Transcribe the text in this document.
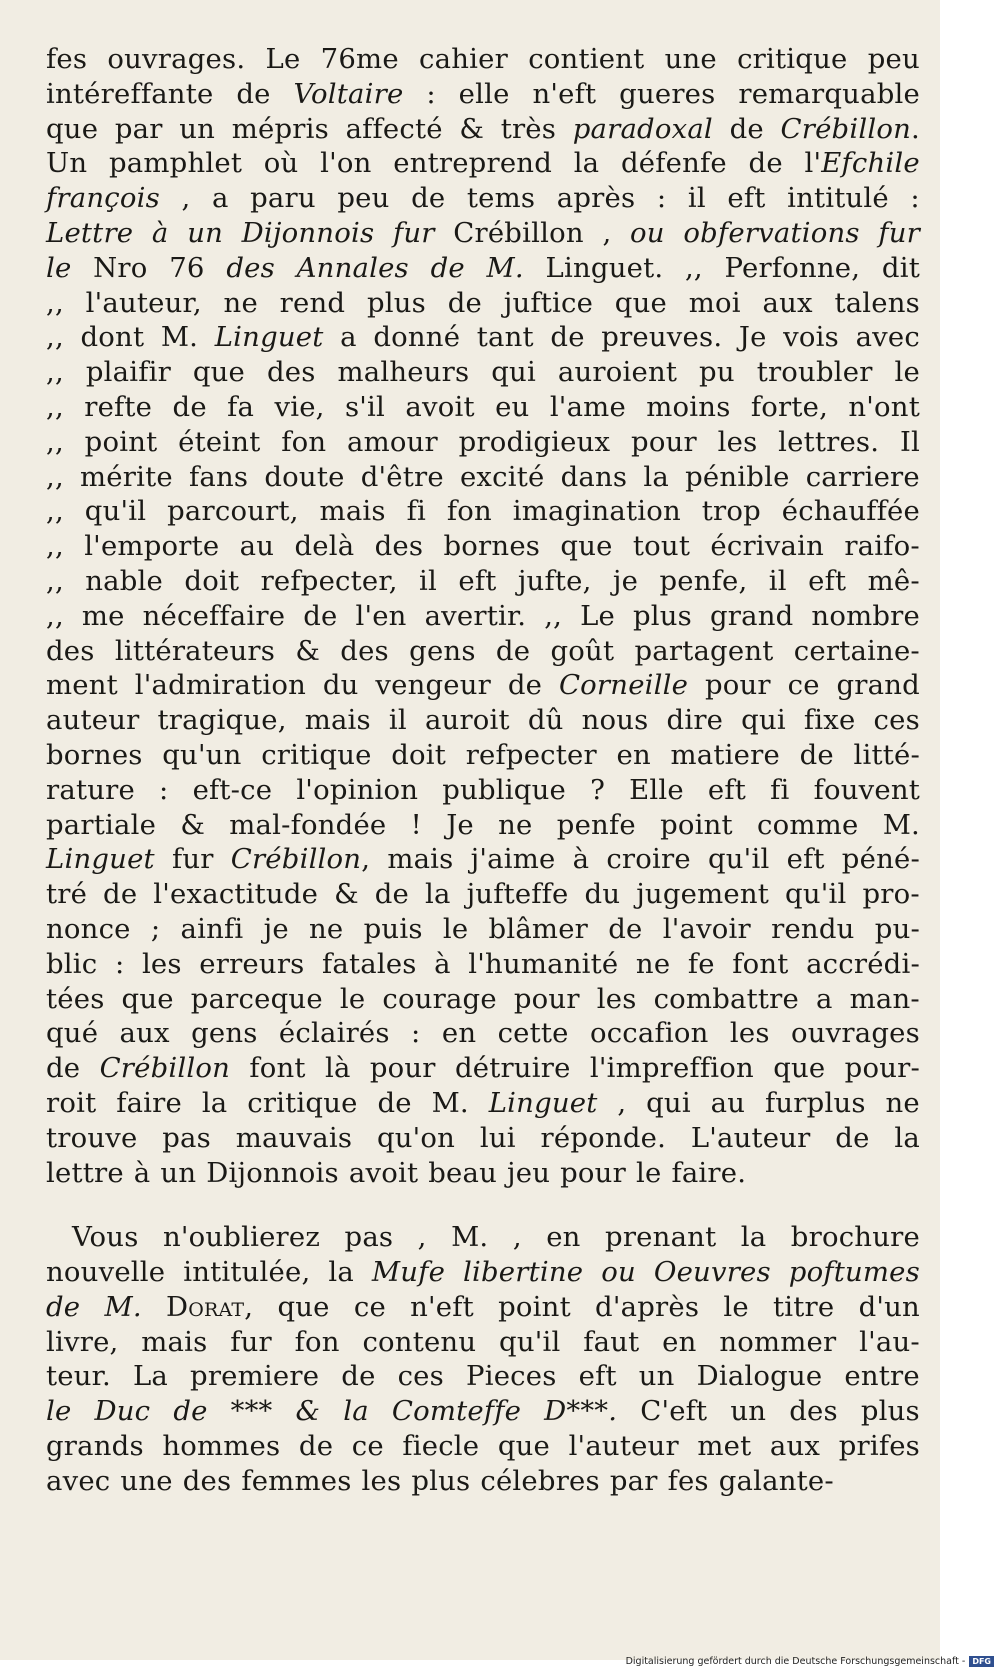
fes ouvrages. Le 76me cahier contient une critique peu
intéreffante de Voltaire : elle n'eft gueres remarquable
que par un mépris affecté & très paradoxal de Crébillon.
Un pamphlet où l'on entreprend la défenfe de l'Efchile
françois , a paru peu de tems après : il eft intitulé :
Lettre à un Dijonnois fur Crébillon , ou obfervations fur
le Nro 76 des Annales de M. Linguet. ,, Perfonne, dit
,, l'auteur, ne rend plus de juftice que moi aux talens
,, dont M. Linguet a donné tant de preuves. Je vois avec
,, plaifir que des malheurs qui auroient pu troubler le
,, refte de fa vie, s'il avoit eu l'ame moins forte, n'ont
,, point éteint fon amour prodigieux pour les lettres. Il
,, mérite fans doute d'être excité dans la pénible carriere
,, qu'il parcourt, mais fi fon imagination trop échauffée
,, l'emporte au delà des bornes que tout écrivain raifo-
,, nable doit refpecter, il eft jufte, je penfe, il eft mê-
,, me néceffaire de l'en avertir. ,, Le plus grand nombre
des littérateurs & des gens de goût partagent certaine-
ment l'admiration du vengeur de Corneille pour ce grand
auteur tragique, mais il auroit dû nous dire qui fixe ces
bornes qu'un critique doit refpecter en matiere de litté-
rature : eft-ce l'opinion publique ? Elle eft fi fouvent
partiale & mal-fondée ! Je ne penfe point comme M.
Linguet fur Crébillon, mais j'aime à croire qu'il eft péné-
tré de l'exactitude & de la jufteffe du jugement qu'il pro-
nonce ; ainfi je ne puis le blâmer de l'avoir rendu pu-
blic : les erreurs fatales à l'humanité ne fe font accrédi-
tées que parceque le courage pour les combattre a man-
qué aux gens éclairés : en cette occafion les ouvrages
de Crébillon font là pour détruire l'impreffion que pour-
roit faire la critique de M. Linguet , qui au furplus ne
trouve pas mauvais qu'on lui réponde. L'auteur de la
lettre à un Dijonnois avoit beau jeu pour le faire.
Vous n'oublierez pas , M. , en prenant la brochure
nouvelle intitulée, la Mufe libertine ou Oeuvres poftumes
de M. Dorat, que ce n'eft point d'après le titre d'un
livre, mais fur fon contenu qu'il faut en nommer l'au-
teur. La premiere de ces Pieces eft un Dialogue entre
le Duc de *** & la Comteffe D***. C'eft un des plus
grands hommes de ce fiecle que l'auteur met aux prifes
avec une des femmes les plus célebres par fes galante-
Digitalisierung gefördert durch die Deutsche Forschungsgemeinschaft - DFG
